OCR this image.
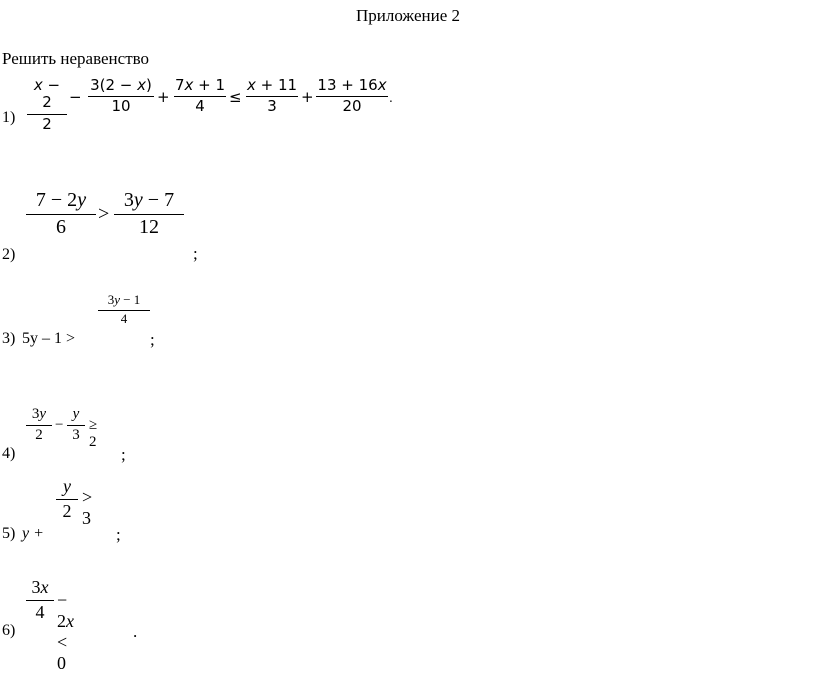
Приложение 2
Решить неравенство
1)
x − 2
2
−
3(2 − x)
10
+
7x + 1
4
≤
x + 11
3
+
13 + 16x
20	.
2)
7 − 2y
6
>
3y − 7
12
;
3) 5y – 1 >
3y − 1
4
;
4)
3y
2
−
y
3
≥ 2
;
5) y +
y
2
> 3
;
6)
3x
4
− 2x < 0
.
